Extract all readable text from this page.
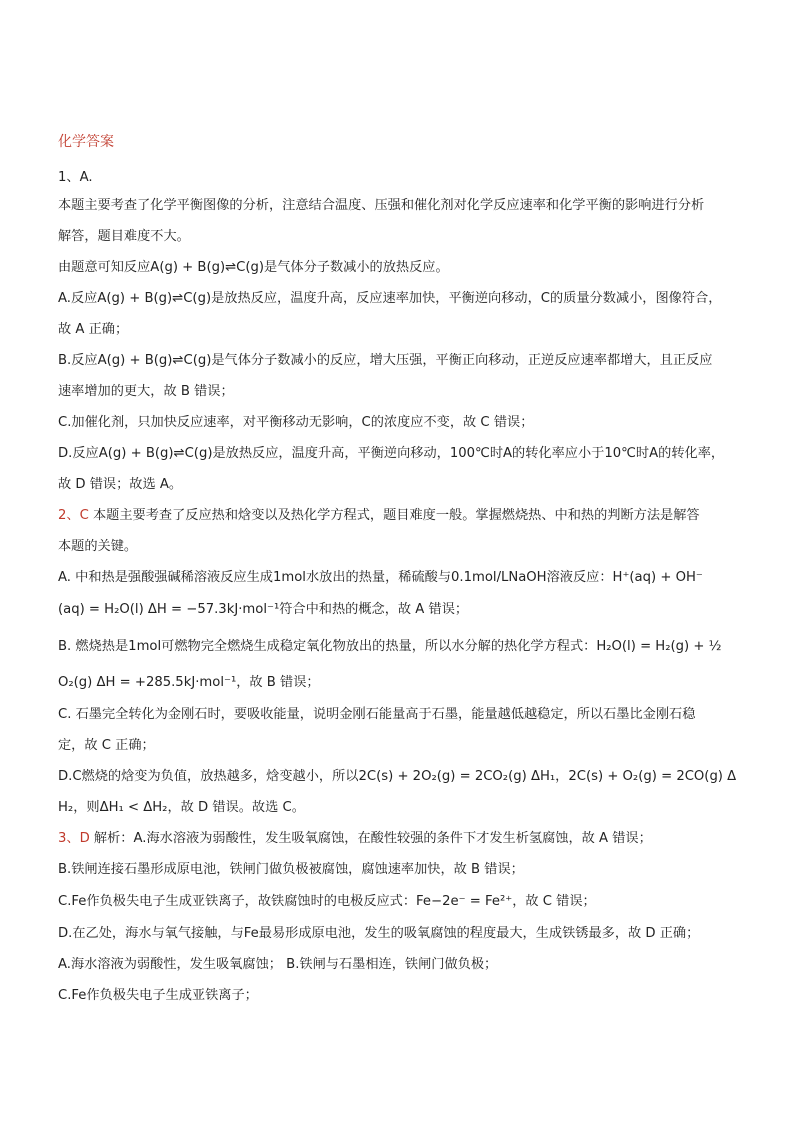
化学答案
1、A.
本题主要考查了化学平衡图像的分析，注意结合温度、压强和催化剂对化学反应速率和化学平衡的影响进行分析
解答，题目难度不大。
由题意可知反应A(g) + B(g)⇌C(g)是气体分子数减小的放热反应。
A.反应A(g) + B(g)⇌C(g)是放热反应，温度升高，反应速率加快，平衡逆向移动，C的质量分数减小，图像符合，
故 A 正确；
B.反应A(g) + B(g)⇌C(g)是气体分子数减小的反应，增大压强，平衡正向移动，正逆反应速率都增大，且正反应
速率增加的更大，故 B 错误；
C.加催化剂，只加快反应速率，对平衡移动无影响，C的浓度应不变，故 C 错误；
D.反应A(g) + B(g)⇌C(g)是放热反应，温度升高，平衡逆向移动，100℃时A的转化率应小于10℃时A的转化率，
故 D 错误；故选 A。
2、C 本题主要考查了反应热和焓变以及热化学方程式，题目难度一般。掌握燃烧热、中和热的判断方法是解答
本题的关键。
A. 中和热是强酸强碱稀溶液反应生成1mol水放出的热量，稀硫酸与0.1mol/LNaOH溶液反应：H⁺(aq) + OH⁻
(aq) = H₂O(l) ΔH = −57.3kJ·mol⁻¹符合中和热的概念，故 A 错误；
B. 燃烧热是1mol可燃物完全燃烧生成稳定氧化物放出的热量，所以水分解的热化学方程式：H₂O(l) = H₂(g) + ½
O₂(g) ΔH = +285.5kJ·mol⁻¹，故 B 错误；
C. 石墨完全转化为金刚石时，要吸收能量，说明金刚石能量高于石墨，能量越低越稳定，所以石墨比金刚石稳
定，故 C 正确；
D.C燃烧的焓变为负值，放热越多，焓变越小，所以2C(s) + 2O₂(g) = 2CO₂(g) ΔH₁，2C(s) + O₂(g) = 2CO(g) Δ
H₂，则ΔH₁ < ΔH₂，故 D 错误。故选 C。
3、D 解析：A.海水溶液为弱酸性，发生吸氧腐蚀，在酸性较强的条件下才发生析氢腐蚀，故 A 错误；
B.铁闸连接石墨形成原电池，铁闸门做负极被腐蚀，腐蚀速率加快，故 B 错误；
C.Fe作负极失电子生成亚铁离子，故铁腐蚀时的电极反应式：Fe−2e⁻ = Fe²⁺，故 C 错误；
D.在乙处，海水与氧气接触，与Fe最易形成原电池，发生的吸氧腐蚀的程度最大，生成铁锈最多，故 D 正确；
A.海水溶液为弱酸性，发生吸氧腐蚀； B.铁闸与石墨相连，铁闸门做负极；
C.Fe作负极失电子生成亚铁离子；
